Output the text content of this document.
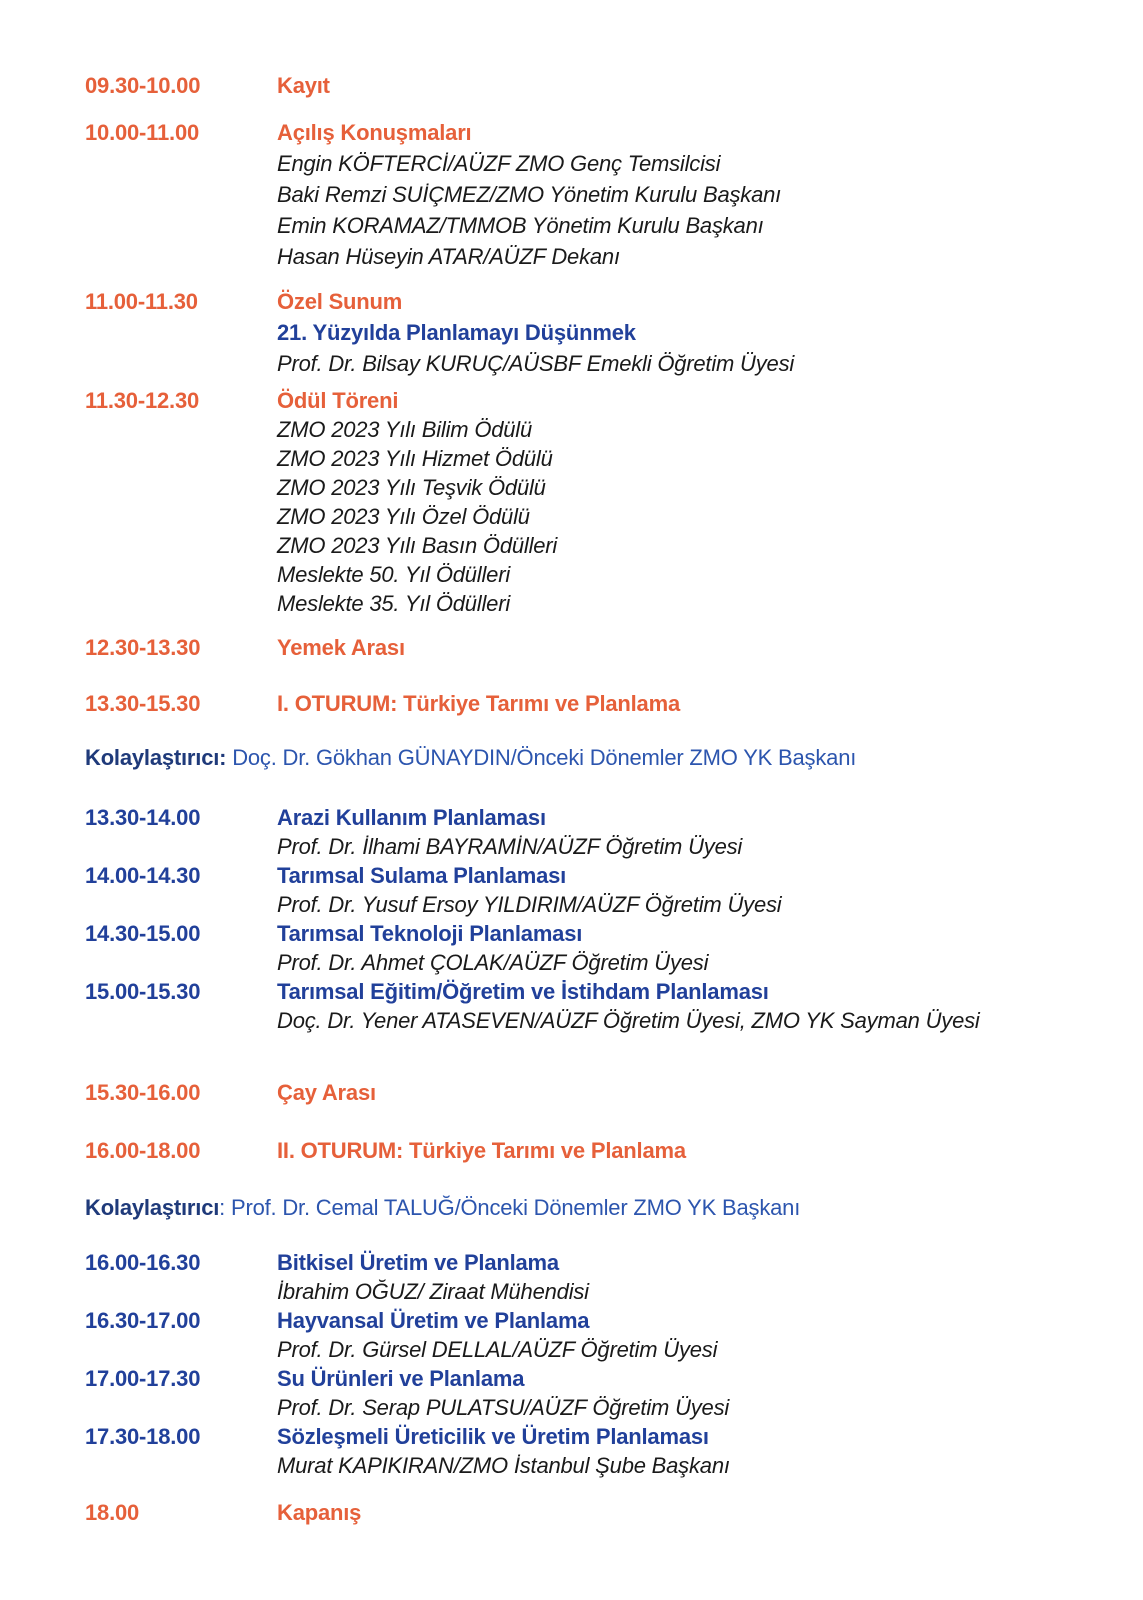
09.30-10.00	Kayıt
10.00-11.00	Açılış Konuşmaları
Engin KÖFTERCİ/AÜZF ZMO Genç Temsilcisi
Baki Remzi SUİÇMEZ/ZMO Yönetim Kurulu Başkanı
Emin KORAMAZ/TMMOB Yönetim Kurulu Başkanı
Hasan Hüseyin ATAR/AÜZF Dekanı
11.00-11.30	Özel Sunum
21. Yüzyılda Planlamayı Düşünmek
Prof. Dr. Bilsay KURUÇ/AÜSBF Emekli Öğretim Üyesi
11.30-12.30	Ödül Töreni
ZMO 2023 Yılı Bilim Ödülü
ZMO 2023 Yılı Hizmet Ödülü
ZMO 2023 Yılı Teşvik Ödülü
ZMO 2023 Yılı Özel Ödülü
ZMO 2023 Yılı Basın Ödülleri
Meslekte 50. Yıl Ödülleri
Meslekte 35. Yıl Ödülleri
12.30-13.30	Yemek Arası
13.30-15.30	I. OTURUM: Türkiye Tarımı ve Planlama
Kolaylaştırıcı: Doç. Dr. Gökhan GÜNAYDIN/Önceki Dönemler ZMO YK Başkanı
13.30-14.00	Arazi Kullanım Planlaması
Prof. Dr. İlhami BAYRAMİN/AÜZF Öğretim Üyesi
14.00-14.30	Tarımsal Sulama Planlaması
Prof. Dr. Yusuf Ersoy YILDIRIM/AÜZF Öğretim Üyesi
14.30-15.00	Tarımsal Teknoloji Planlaması
Prof. Dr. Ahmet ÇOLAK/AÜZF Öğretim Üyesi
15.00-15.30	Tarımsal Eğitim/Öğretim ve İstihdam Planlaması
Doç. Dr. Yener ATASEVEN/AÜZF Öğretim Üyesi, ZMO YK Sayman Üyesi
15.30-16.00	Çay Arası
16.00-18.00	II. OTURUM: Türkiye Tarımı ve Planlama
Kolaylaştırıcı: Prof. Dr. Cemal TALUĞ/Önceki Dönemler ZMO YK Başkanı
16.00-16.30	Bitkisel Üretim ve Planlama
İbrahim OĞUZ/ Ziraat Mühendisi
16.30-17.00	Hayvansal Üretim ve Planlama
Prof. Dr. Gürsel DELLAL/AÜZF Öğretim Üyesi
17.00-17.30	Su Ürünleri ve Planlama
Prof. Dr. Serap PULATSU/AÜZF Öğretim Üyesi
17.30-18.00	Sözleşmeli Üreticilik ve Üretim Planlaması
Murat KAPIKIRAN/ZMO İstanbul Şube Başkanı
18.00	Kapanış
